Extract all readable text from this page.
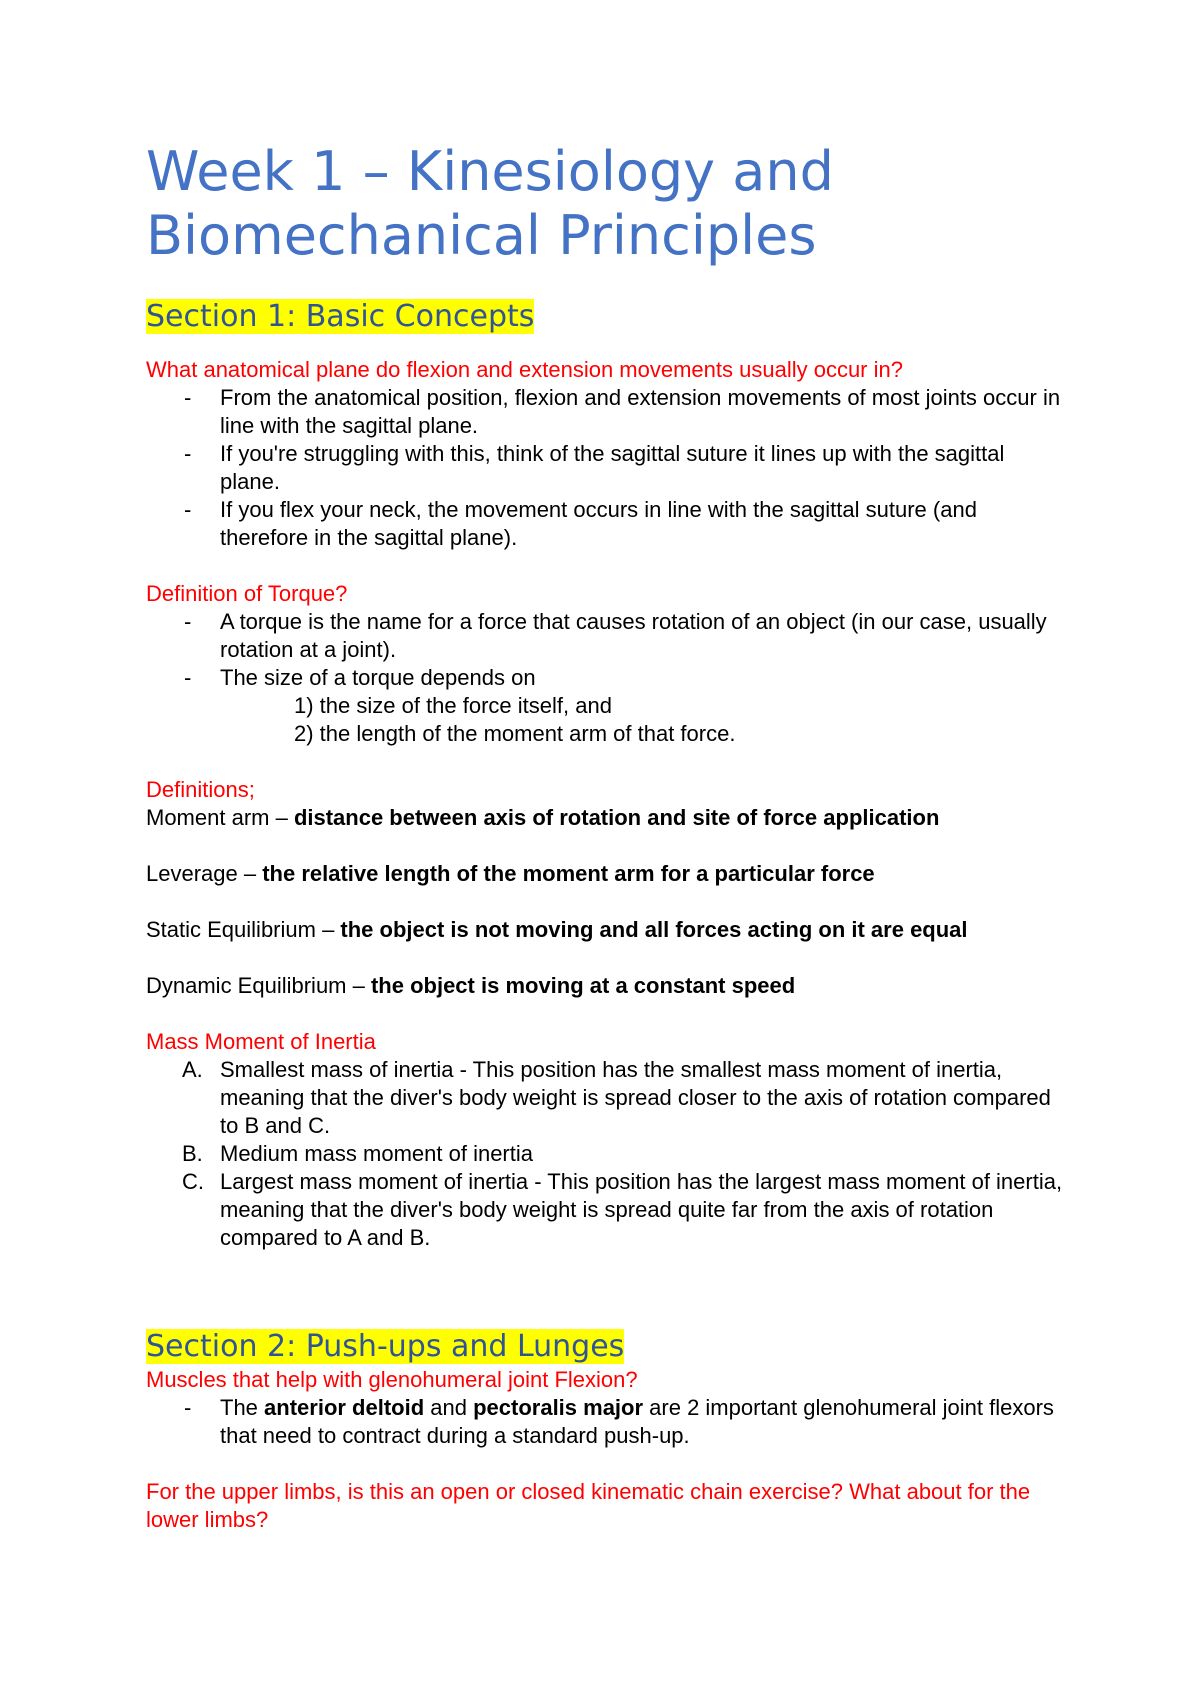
Week 1 – Kinesiology and
Biomechanical Principles
Section 1: Basic Concepts

What anatomical plane do flexion and extension movements usually occur in?

- From the anatomical position, flexion and extension movements of most joints occur in line with the sagittal plane.
- If you're struggling with this, think of the sagittal suture it lines up with the sagittal plane.
- If you flex your neck, the movement occurs in line with the sagittal suture (and therefore in the sagittal plane).

Definition of Torque?

- A torque is the name for a force that causes rotation of an object (in our case, usually rotation at a joint).
- The size of a torque depends on
1) the size of the force itself, and
2) the length of the moment arm of that force.

Definitions;

Moment arm – distance between axis of rotation and site of force application

Leverage – the relative length of the moment arm for a particular force

Static Equilibrium – the object is not moving and all forces acting on it are equal

Dynamic Equilibrium – the object is moving at a constant speed

Mass Moment of Inertia

A. Smallest mass of inertia - This position has the smallest mass moment of inertia, meaning that the diver's body weight is spread closer to the axis of rotation compared to B and C.
B. Medium mass moment of inertia
C. Largest mass moment of inertia - This position has the largest mass moment of inertia, meaning that the diver's body weight is spread quite far from the axis of rotation compared to A and B.
Section 2: Push-ups and Lunges

Muscles that help with glenohumeral joint Flexion?

- The anterior deltoid and pectoralis major are 2 important glenohumeral joint flexors that need to contract during a standard push-up.

For the upper limbs, is this an open or closed kinematic chain exercise? What about for the lower limbs?
